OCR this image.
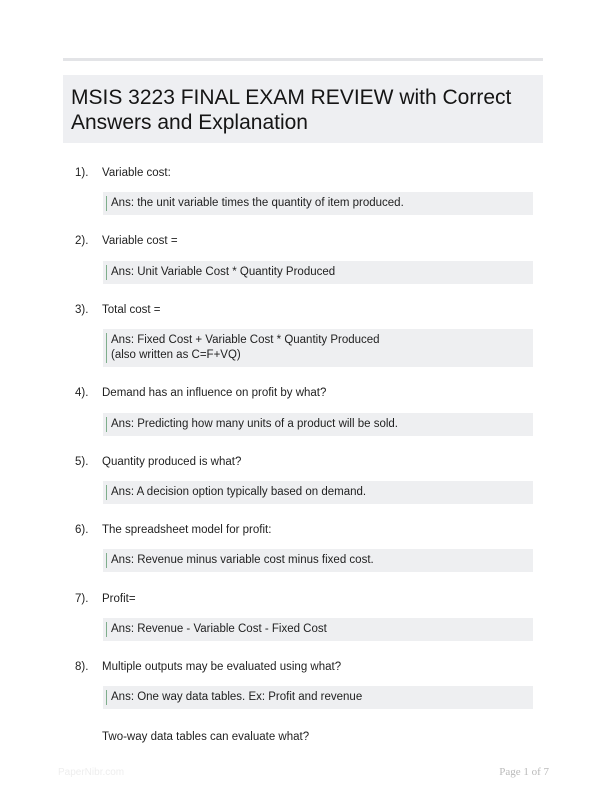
MSIS 3223 FINAL EXAM REVIEW with Correct Answers and Explanation
1). Variable cost:
Ans: the unit variable times the quantity of item produced.
2). Variable cost =
Ans: Unit Variable Cost * Quantity Produced
3). Total cost =
Ans: Fixed Cost + Variable Cost * Quantity Produced
(also written as C=F+VQ)
4). Demand has an influence on profit by what?
Ans: Predicting how many units of a product will be sold.
5). Quantity produced is what?
Ans: A decision option typically based on demand.
6). The spreadsheet model for profit:
Ans: Revenue minus variable cost minus fixed cost.
7). Profit=
Ans: Revenue - Variable Cost - Fixed Cost
8). Multiple outputs may be evaluated using what?
Ans: One way data tables. Ex: Profit and revenue
Two-way data tables can evaluate what?
PaperNibr.com	Page 1 of 7
